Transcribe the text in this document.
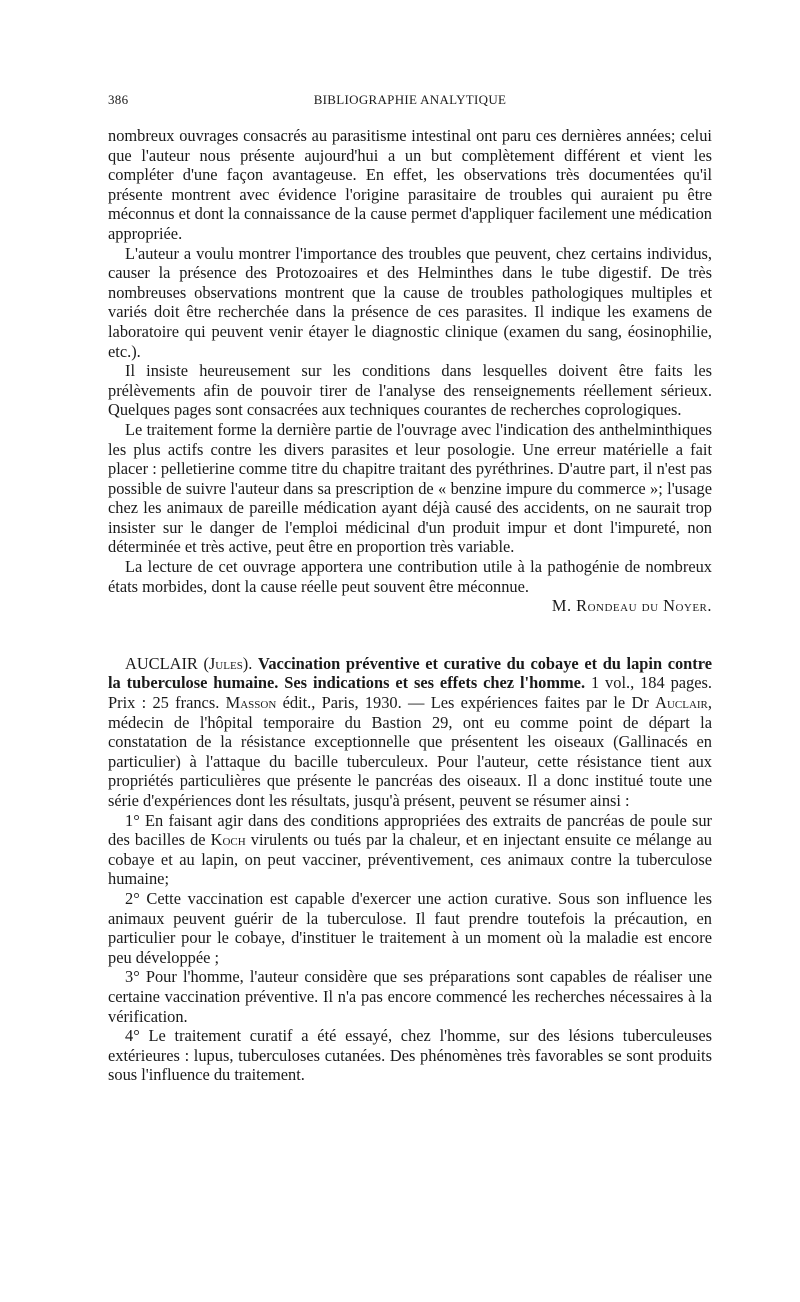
386	BIBLIOGRAPHIE ANALYTIQUE

nombreux ouvrages consacrés au parasitisme intestinal ont paru ces dernières années; celui que l'auteur nous présente aujourd'hui a un but complètement différent et vient les compléter d'une façon avantageuse. En effet, les observations très documentées qu'il présente montrent avec évidence l'origine parasitaire de troubles qui auraient pu être méconnus et dont la connaissance de la cause permet d'appliquer facilement une médication appropriée.

L'auteur a voulu montrer l'importance des troubles que peuvent, chez certains individus, causer la présence des Protozoaires et des Helminthes dans le tube digestif. De très nombreuses observations montrent que la cause de troubles pathologiques multiples et variés doit être recherchée dans la présence de ces parasites. Il indique les examens de laboratoire qui peuvent venir étayer le diagnostic clinique (examen du sang, éosinophilie, etc.).

Il insiste heureusement sur les conditions dans lesquelles doivent être faits les prélèvements afin de pouvoir tirer de l'analyse des renseignements réellement sérieux. Quelques pages sont consacrées aux techniques courantes de recherches coprologiques.

Le traitement forme la dernière partie de l'ouvrage avec l'indication des anthelminthiques les plus actifs contre les divers parasites et leur posologie. Une erreur matérielle a fait placer : pelletierine comme titre du chapitre traitant des pyréthrines. D'autre part, il n'est pas possible de suivre l'auteur dans sa prescription de « benzine impure du commerce »; l'usage chez les animaux de pareille médication ayant déjà causé des accidents, on ne saurait trop insister sur le danger de l'emploi médicinal d'un produit impur et dont l'impureté, non déterminée et très active, peut être en proportion très variable.

La lecture de cet ouvrage apportera une contribution utile à la pathogénie de nombreux états morbides, dont la cause réelle peut souvent être méconnue.

M. Rondeau du Noyer.

AUCLAIR (Jules). Vaccination préventive et curative du cobaye et du lapin contre la tuberculose humaine. Ses indications et ses effets chez l'homme. 1 vol., 184 pages. Prix : 25 francs. Masson édit., Paris, 1930. — Les expériences faites par le Dr Auclair, médecin de l'hôpital temporaire du Bastion 29, ont eu comme point de départ la constatation de la résistance exceptionnelle que présentent les oiseaux (Gallinacés en particulier) à l'attaque du bacille tuberculeux. Pour l'auteur, cette résistance tient aux propriétés particulières que présente le pancréas des oiseaux. Il a donc institué toute une série d'expériences dont les résultats, jusqu'à présent, peuvent se résumer ainsi :

1° En faisant agir dans des conditions appropriées des extraits de pancréas de poule sur des bacilles de Koch virulents ou tués par la chaleur, et en injectant ensuite ce mélange au cobaye et au lapin, on peut vacciner, préventivement, ces animaux contre la tuberculose humaine;

2° Cette vaccination est capable d'exercer une action curative. Sous son influence les animaux peuvent guérir de la tuberculose. Il faut prendre toutefois la précaution, en particulier pour le cobaye, d'instituer le traitement à un moment où la maladie est encore peu développée ;

3° Pour l'homme, l'auteur considère que ses préparations sont capables de réaliser une certaine vaccination préventive. Il n'a pas encore commencé les recherches nécessaires à la vérification.

4° Le traitement curatif a été essayé, chez l'homme, sur des lésions tuberculeuses extérieures : lupus, tuberculoses cutanées. Des phénomènes très favorables se sont produits sous l'influence du traitement.
